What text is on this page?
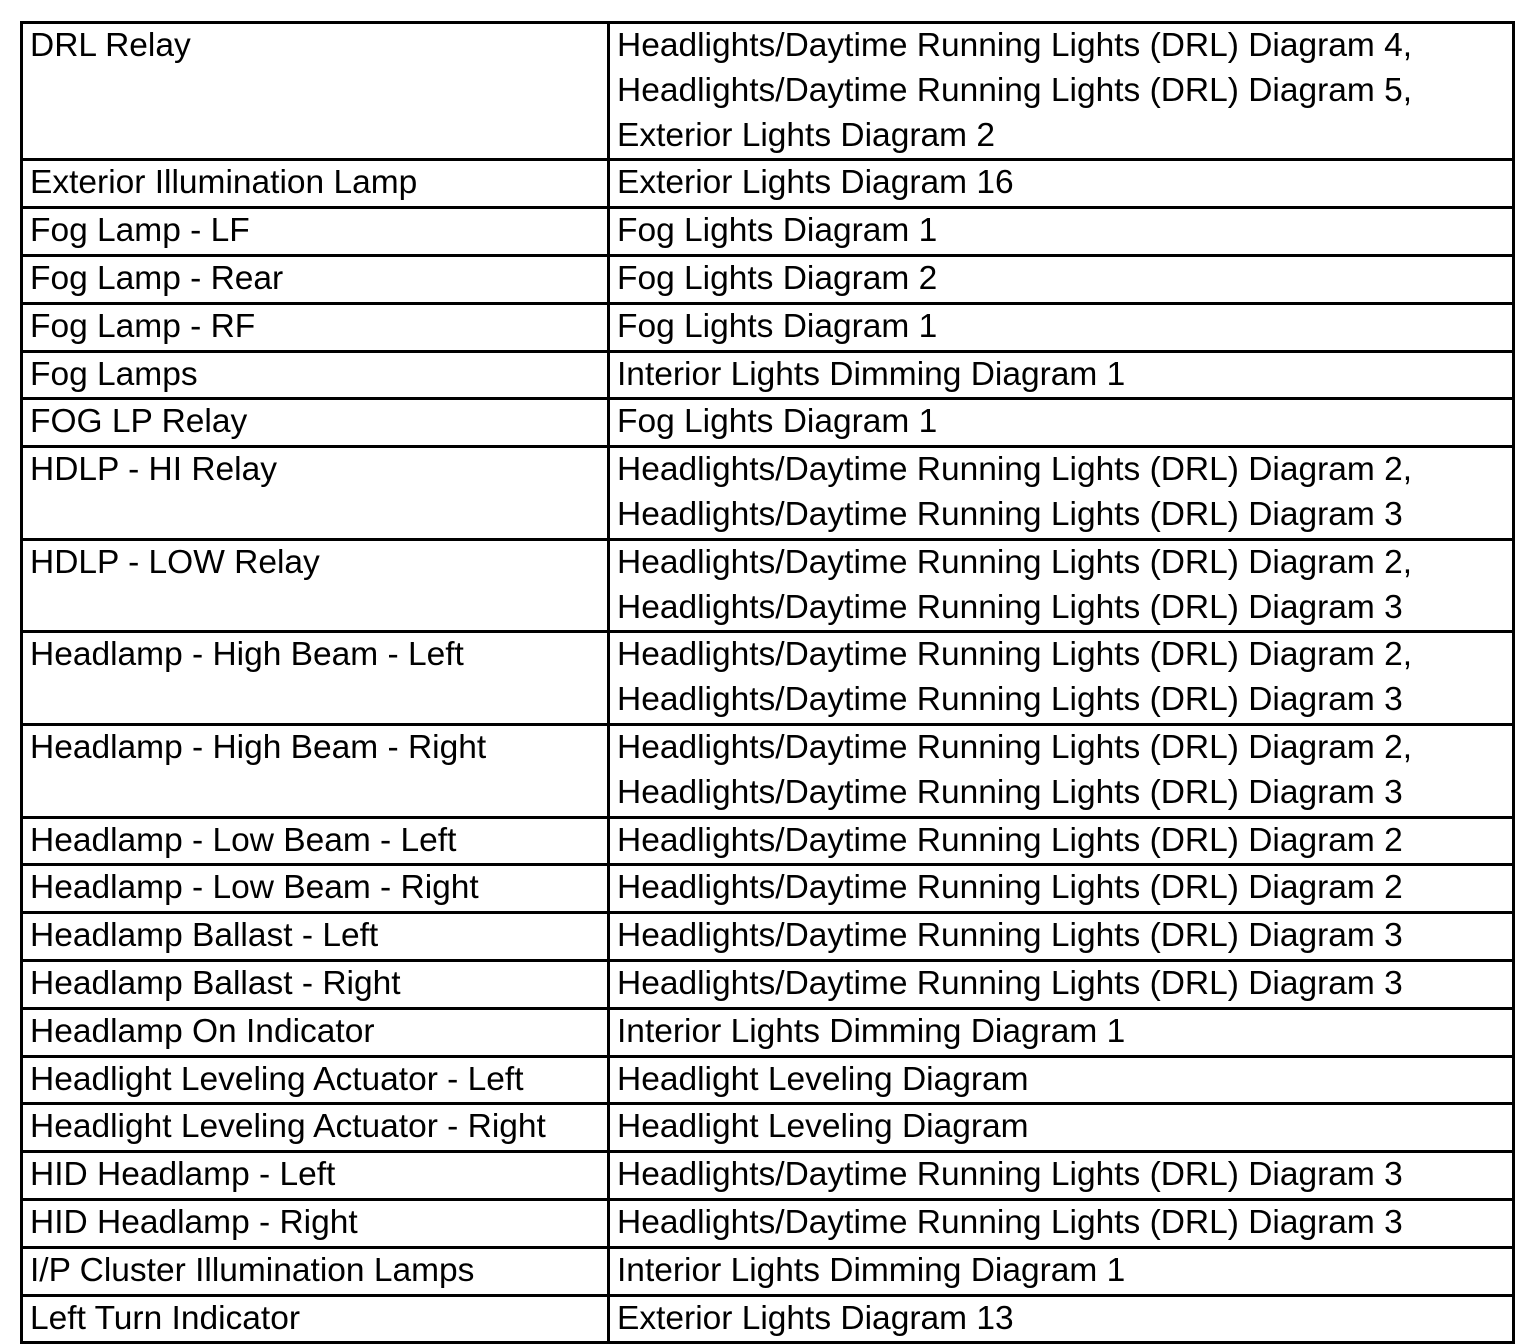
DRL Relay	Headlights/Daytime Running Lights (DRL) Diagram 4,
Headlights/Daytime Running Lights (DRL) Diagram 5,
Exterior Lights Diagram 2

Exterior Illumination Lamp	Exterior Lights Diagram 16

Fog Lamp - LF	Fog Lights Diagram 1

Fog Lamp - Rear	Fog Lights Diagram 2

Fog Lamp - RF	Fog Lights Diagram 1

Fog Lamps	Interior Lights Dimming Diagram 1

FOG LP Relay	Fog Lights Diagram 1

HDLP - HI Relay	Headlights/Daytime Running Lights (DRL) Diagram 2,
Headlights/Daytime Running Lights (DRL) Diagram 3

HDLP - LOW Relay	Headlights/Daytime Running Lights (DRL) Diagram 2,
Headlights/Daytime Running Lights (DRL) Diagram 3

Headlamp - High Beam - Left	Headlights/Daytime Running Lights (DRL) Diagram 2,
Headlights/Daytime Running Lights (DRL) Diagram 3

Headlamp - High Beam - Right	Headlights/Daytime Running Lights (DRL) Diagram 2,
Headlights/Daytime Running Lights (DRL) Diagram 3

Headlamp - Low Beam - Left	Headlights/Daytime Running Lights (DRL) Diagram 2

Headlamp - Low Beam - Right	Headlights/Daytime Running Lights (DRL) Diagram 2

Headlamp Ballast - Left	Headlights/Daytime Running Lights (DRL) Diagram 3

Headlamp Ballast - Right	Headlights/Daytime Running Lights (DRL) Diagram 3

Headlamp On Indicator	Interior Lights Dimming Diagram 1

Headlight Leveling Actuator - Left	Headlight Leveling Diagram

Headlight Leveling Actuator - Right	Headlight Leveling Diagram

HID Headlamp - Left	Headlights/Daytime Running Lights (DRL) Diagram 3

HID Headlamp - Right	Headlights/Daytime Running Lights (DRL) Diagram 3

I/P Cluster Illumination Lamps	Interior Lights Dimming Diagram 1

Left Turn Indicator	Exterior Lights Diagram 13
